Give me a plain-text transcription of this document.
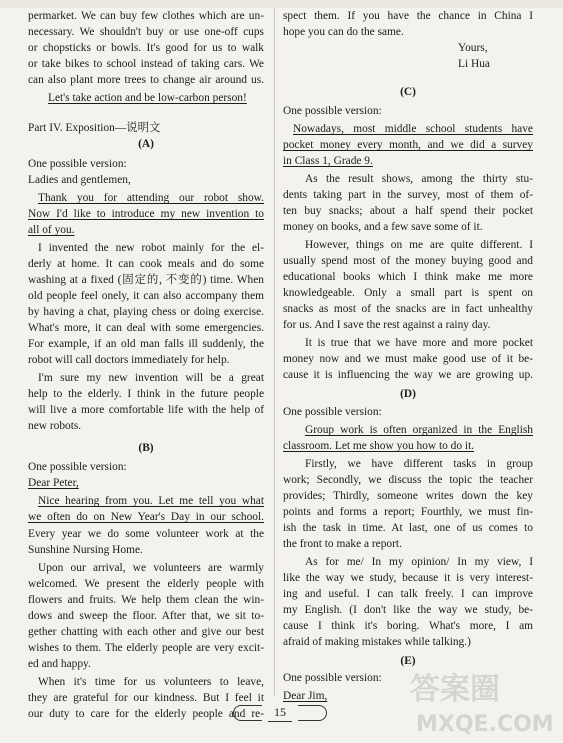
permarket. We can buy few clothes which are un-
necessary. We shouldn't buy or use one-off cups
or chopsticks or bowls. It's good for us to walk
or take bikes to school instead of taking cars. We
can also plant more trees to change air around us.
Let's take action and be low-carbon person!
Part IV. Exposition—说明文
(A)
One possible version:
Ladies and gentlemen,
Thank you for attending our robot show.
Now I'd like to introduce my new invention to
all of you.
I invented the new robot mainly for the el-
derly at home. It can cook meals and do some
washing at a fixed (固定的, 不变的) time. When
old people feel onely, it can also accompany them
by having a chat, playing chess or doing exercise.
What's more, it can deal with some emergencies.
For example, if an old man falls ill suddenly, the
robot will call doctors immediately for help.
I'm sure my new invention will be a great
help to the elderly. I think in the future people
will live a more comfortable life with the help of
new robots.
(B)
One possible version:
Dear Peter,
Nice hearing from you. Let me tell you what
we often do on New Year's Day in our school.
Every year we do some volunteer work at the
Sunshine Nursing Home.
Upon our arrival, we volunteers are warmly
welcomed. We present the elderly people with
flowers and fruits. We help them clean the win-
dows and sweep the floor. After that, we sit to-
gether chatting with each other and give our best
wishes to them. The elderly people are very excit-
ed and happy.
When it's time for us volunteers to leave,
they are grateful for our kindness. But I feel it
our duty to care for the elderly people and re-
spect them. If you have the chance in China I
hope you can do the same.
Yours,
Li Hua
(C)
One possible version:
Nowadays, most middle school students have
pocket money every month, and we did a survey
in Class 1, Grade 9.
As the result shows, among the thirty stu-
dents taking part in the survey, most of them of-
ten buy snacks; about a half spend their pocket
money on books, and a few save some of it.
However, things on me are quite different. I
usually spend most of the money buying good and
educational books which I think make me more
knowledgeable. Only a small part is spent on
snacks as most of the snacks are in fact unhealthy
for us. And I save the rest against a rainy day.
It is true that we have more and more pocket
money now and we must make good use of it be-
cause it is influencing the way we are growing up.
(D)
One possible version:
Group work is often organized in the English
classroom. Let me show you how to do it.
Firstly, we have different tasks in group
work; Secondly, we discuss the topic the teacher
provides; Thirdly, someone writes down the key
points and forms a report; Fourthly, we must fin-
ish the task in time. At last, one of us comes to
the front to make a report.
As for me/ In my opinion/ In my view, I
like the way we study, because it is very interest-
ing and useful. I can talk freely. I can improve
my English. (I don't like the way we study, be-
cause I think it's boring. What's more, I am
afraid of making mistakes while talking.)
(E)
One possible version:
Dear Jim,
15
答案圈
MXQE.COM
